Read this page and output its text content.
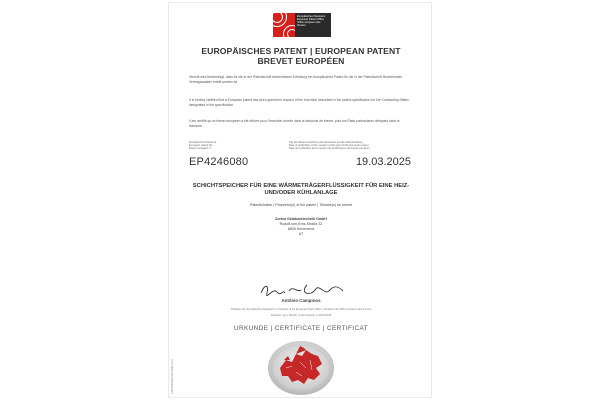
Europäisches Patentamt
European Patent Office
Office européen des brevets
EUROPÄISCHES PATENT | EUROPEAN PATENT
BREVET EUROPÉEN
Hiermit wird bescheinigt, dass für die in der Patentschrift beschriebene Erfindung ein europäisches Patent für die in der Patentschrift bezeichneten Vertragsstaaten erteilt worden ist.
It is hereby certified that a European patent has been granted in respect of the invention described in the patent specification for the Contracting States designated in the specification.
Il est certifié qu'un brevet européen a été délivré pour l'invention décrite dans le fascicule de brevet, pour les États contractants désignés dans le fascicule.
Europäisches Patent Nr.
European patent No.
Brevet européen n°
Tag der Bekanntmachung des Hinweises auf die Patenterteilung
Date of publication of the mention of the grant of the European patent
Date de publication de la mention de la délivrance du brevet européen
EP4246080	19.03.2025
SCHICHTSPEICHER FÜR EINE WÄRMETRÄGERFLÜSSIGKEIT FÜR EINE HEIZ- UND/ODER KÜHLANLAGE
Patentinhaber | Proprietor(s) of the patent | Titulaire(s) du brevet
Zortea Gebäudetechnik GmbH
Rudolf-von-Ems-Straße 32
6845 Hohenems
AT
António Campinos
Präsident des Europäischen Patentamts | President of the European Patent Office | Président de l'Office européen des brevets
München, den | Munich, | Fait à Munich, le 19.03.2025
URKUNDE | CERTIFICATE | CERTIFICAT
EPO/EPA/OEB Form 2004 12.21
